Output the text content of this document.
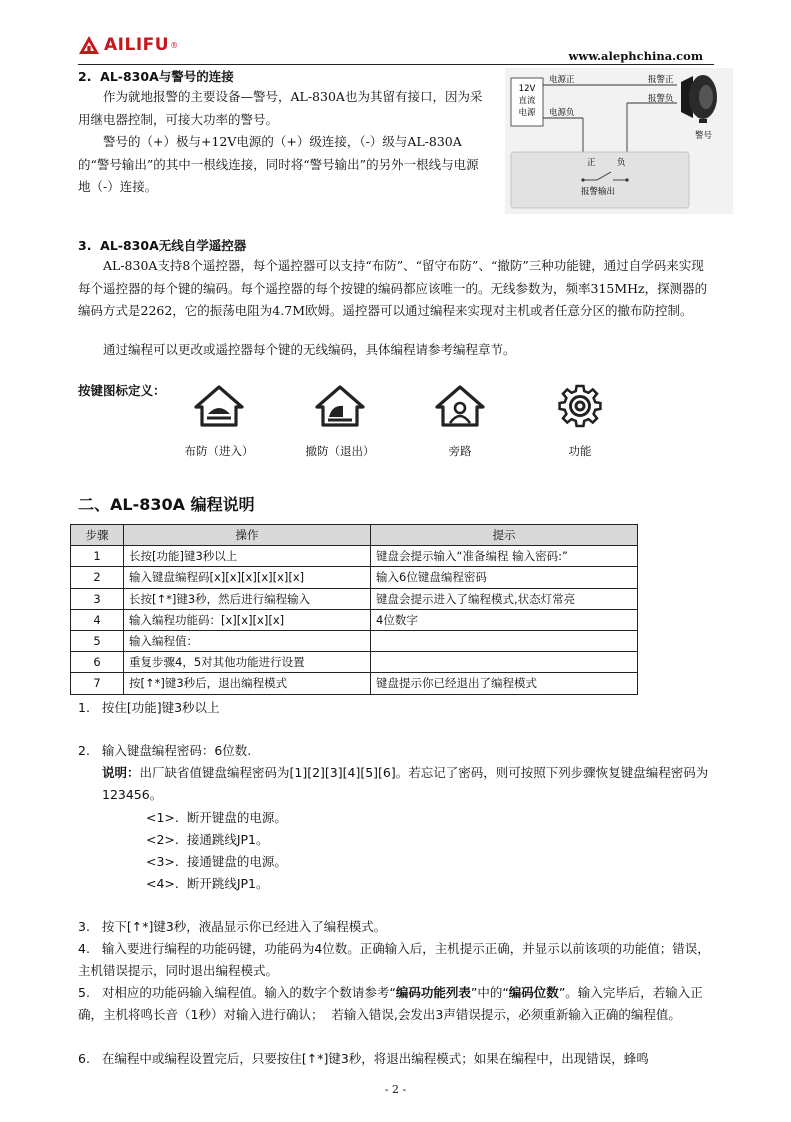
AILIFU ®
www.alephchina.com
2.  AL-830A与警号的连接
作为就地报警的主要设备—警号，AL-830A也为其留有接口，因为采用继电器控制，可接大功率的警号。
警号的（+）极与+12V电源的（+）级连接，（-）级与AL-830A的“警号输出”的其中一根线连接，同时将“警号输出”的另外一根线与电源地（-）连接。
12V
直流
电源
电源正
电源负
报警正
报警负
警号
正	负
报警输出
3.  AL-830A无线自学遥控器
AL-830A支持8个遥控器，每个遥控器可以支持“布防”、“留守布防”、“撤防”三种功能键，通过自学码来实现每个遥控器的每个键的编码。每个遥控器的每个按键的编码都应该唯一的。无线参数为，频率315MHz，探测器的编码方式是2262，它的振荡电阻为4.7M欧姆。遥控器可以通过编程来实现对主机或者任意分区的撤布防控制。
通过编程可以更改或遥控器每个键的无线编码，具体编程请参考编程章节。
按键图标定义：
布防（进入）	撤防（退出）	旁路	功能
二、AL-830A 编程说明
步骤	操作	提示
1	长按[功能]键3秒以上	键盘会提示输入“准备编程 输入密码:”
2	输入键盘编程码[x][x][x][x][x][x]	输入6位键盘编程密码
3	长按[↑*]键3秒，然后进行编程输入	键盘会提示进入了编程模式,状态灯常亮
4	输入编程功能码：[x][x][x][x]	4位数字
5	输入编程值：	
6	重复步骤4，5对其他功能进行设置	
7	按[↑*]键3秒后，退出编程模式	键盘提示你已经退出了编程模式
1.   按住[功能]键3秒以上
2.   输入键盘编程密码：6位数.
说明：出厂缺省值键盘编程密码为[1][2][3][4][5][6]。若忘记了密码，则可按照下列步骤恢复键盘编程密码为123456。
<1>.  断开键盘的电源。
<2>.  接通跳线JP1。
<3>.  接通键盘的电源。
<4>.  断开跳线JP1。
3.   按下[↑*]键3秒，液晶显示你已经进入了编程模式。
4.   输入要进行编程的功能码键，功能码为4位数。正确输入后，主机提示正确，并显示以前该项的功能值；错误，主机错误提示，同时退出编程模式。
5.   对相应的功能码输入编程值。输入的数字个数请参考“编码功能列表”中的“编码位数”。输入完毕后，若输入正确，主机将鸣长音（1秒）对输入进行确认；  若输入错误,会发出3声错误提示，必须重新输入正确的编程值。
6.   在编程中或编程设置完后，只要按住[↑*]键3秒，将退出编程模式；如果在编程中，出现错误，蜂鸣
- 2 -
